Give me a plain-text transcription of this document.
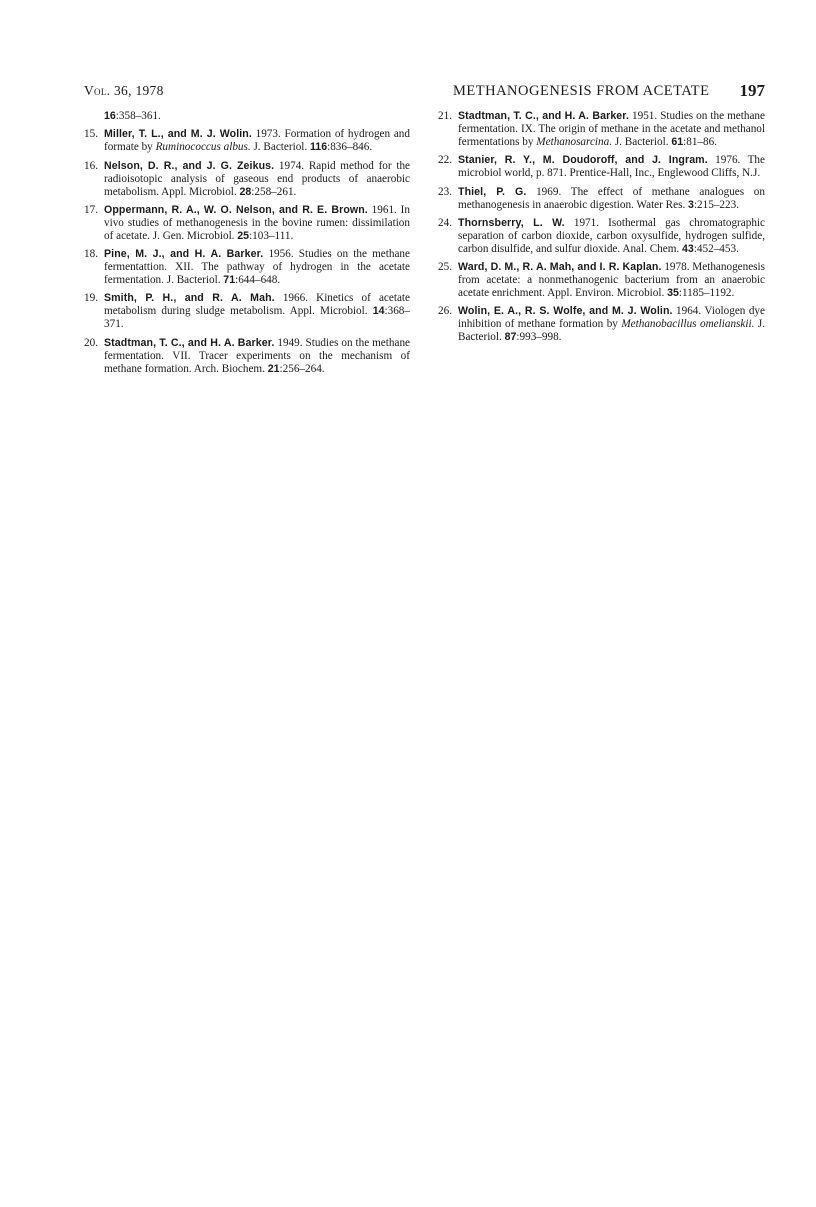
Vol. 36, 1978	METHANOGENESIS FROM ACETATE 197
16:358–361.
15. Miller, T. L., and M. J. Wolin. 1973. Formation of hydrogen and formate by Ruminococcus albus. J. Bacteriol. 116:836–846.
16. Nelson, D. R., and J. G. Zeikus. 1974. Rapid method for the radioisotopic analysis of gaseous end products of anaerobic metabolism. Appl. Microbiol. 28:258–261.
17. Oppermann, R. A., W. O. Nelson, and R. E. Brown. 1961. In vivo studies of methanogenesis in the bovine rumen: dissimilation of acetate. J. Gen. Microbiol. 25:103–111.
18. Pine, M. J., and H. A. Barker. 1956. Studies on the methane fermentattion. XII. The pathway of hydrogen in the acetate fermentation. J. Bacteriol. 71:644–648.
19. Smith, P. H., and R. A. Mah. 1966. Kinetics of acetate metabolism during sludge metabolism. Appl. Microbiol. 14:368–371.
20. Stadtman, T. C., and H. A. Barker. 1949. Studies on the methane fermentation. VII. Tracer experiments on the mechanism of methane formation. Arch. Biochem. 21:256–264.
21. Stadtman, T. C., and H. A. Barker. 1951. Studies on the methane fermentation. IX. The origin of methane in the acetate and methanol fermentations by Methanosarcina. J. Bacteriol. 61:81–86.
22. Stanier, R. Y., M. Doudoroff, and J. Ingram. 1976. The microbiol world, p. 871. Prentice-Hall, Inc., Englewood Cliffs, N.J.
23. Thiel, P. G. 1969. The effect of methane analogues on methanogenesis in anaerobic digestion. Water Res. 3:215–223.
24. Thornsberry, L. W. 1971. Isothermal gas chromatographic separation of carbon dioxide, carbon oxysulfide, hydrogen sulfide, carbon disulfide, and sulfur dioxide. Anal. Chem. 43:452–453.
25. Ward, D. M., R. A. Mah, and I. R. Kaplan. 1978. Methanogenesis from acetate: a nonmethanogenic bacterium from an anaerobic acetate enrichment. Appl. Environ. Microbiol. 35:1185–1192.
26. Wolin, E. A., R. S. Wolfe, and M. J. Wolin. 1964. Viologen dye inhibition of methane formation by Methanobacillus omelianskii. J. Bacteriol. 87:993–998.
